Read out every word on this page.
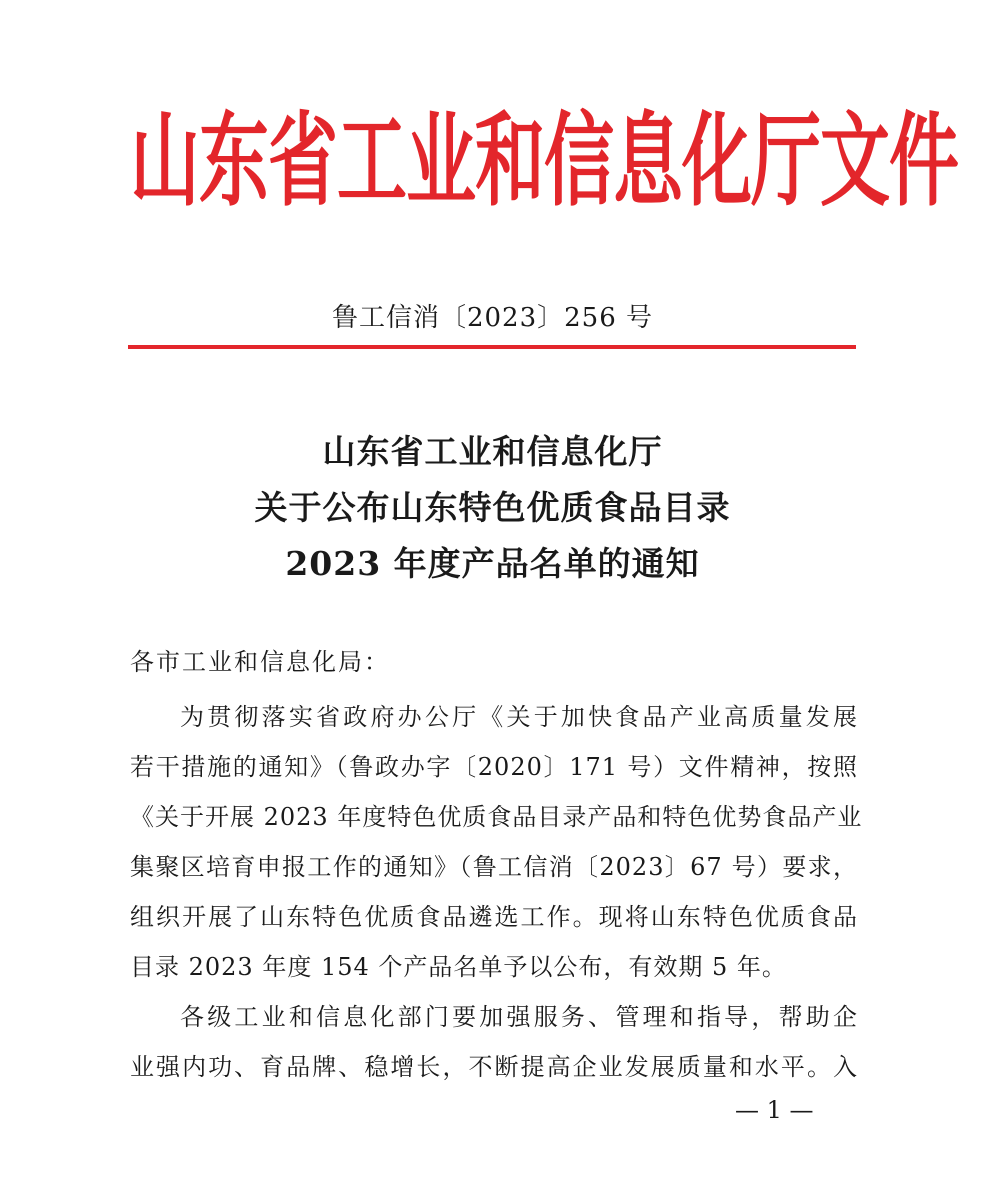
山东省工业和信息化厅文件
鲁工信消〔2023〕256 号
山东省工业和信息化厅
关于公布山东特色优质食品目录
2023 年度产品名单的通知
各市工业和信息化局：
为贯彻落实省政府办公厅《关于加快食品产业高质量发展
若干措施的通知》（鲁政办字〔2020〕171 号）文件精神，按照
《关于开展 2023 年度特色优质食品目录产品和特色优势食品产业
集聚区培育申报工作的通知》（鲁工信消〔2023〕67 号）要求，
组织开展了山东特色优质食品遴选工作。现将山东特色优质食品
目录 2023 年度 154 个产品名单予以公布，有效期 5 年。
各级工业和信息化部门要加强服务、管理和指导，帮助企
业强内功、育品牌、稳增长，不断提高企业发展质量和水平。入
— 1 —
